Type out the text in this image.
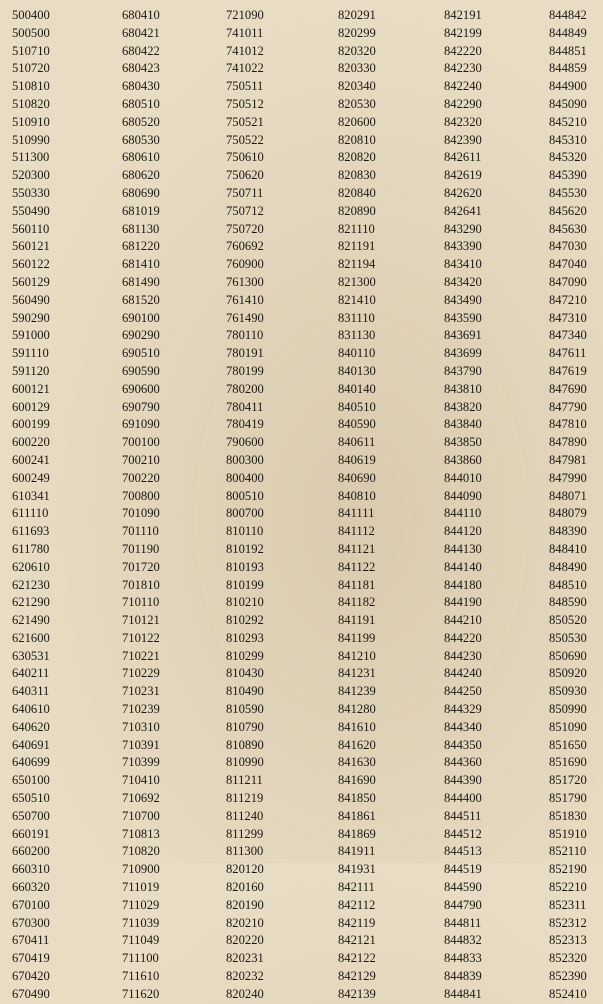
500400
500500
510710
510720
510810
510820
510910
510990
511300
520300
550330
550490
560110
560121
560122
560129
560490
590290
591000
591110
591120
600121
600129
600199
600220
600241
600249
610341
611110
611693
611780
620610
621230
621290
621490
621600
630531
640211
640311
640610
640620
640691
640699
650100
650510
650700
660191
660200
660310
660320
670100
670300
670411
670419
670420
670490
680410
680421
680422
680423
680430
680510
680520
680530
680610
680620
680690
681019
681130
681220
681410
681490
681520
690100
690290
690510
690590
690600
690790
691090
700100
700210
700220
700800
701090
701110
701190
701720
701810
710110
710121
710122
710221
710229
710231
710239
710310
710391
710399
710410
710692
710700
710813
710820
710900
711019
711029
711039
711049
711100
711610
711620
721090
741011
741012
741022
750511
750512
750521
750522
750610
750620
750711
750712
750720
760692
760900
761300
761410
761490
780110
780191
780199
780200
780411
780419
790600
800300
800400
800510
800700
810110
810192
810193
810199
810210
810292
810293
810299
810430
810490
810590
810790
810890
810990
811211
811219
811240
811299
811300
820120
820160
820190
820210
820220
820231
820232
820240
820291
820299
820320
820330
820340
820530
820600
820810
820820
820830
820840
820890
821110
821191
821194
821300
821410
831110
831130
840110
840130
840140
840510
840590
840611
840619
840690
840810
841111
841112
841121
841122
841181
841182
841191
841199
841210
841231
841239
841280
841610
841620
841630
841690
841850
841861
841869
841911
841931
842111
842112
842119
842121
842122
842129
842139
842191
842199
842220
842230
842240
842290
842320
842390
842611
842619
842620
842641
843290
843390
843410
843420
843490
843590
843691
843699
843790
843810
843820
843840
843850
843860
844010
844090
844110
844120
844130
844140
844180
844190
844210
844220
844230
844240
844250
844329
844340
844350
844360
844390
844400
844511
844512
844513
844519
844590
844790
844811
844832
844833
844839
844841
844842
844849
844851
844859
844900
845090
845210
845310
845320
845390
845530
845620
845630
847030
847040
847090
847210
847310
847340
847611
847619
847690
847790
847810
847890
847981
847990
848071
848079
848390
848410
848490
848510
848590
850520
850530
850690
850920
850930
850990
851090
851650
851690
851720
851790
851830
851910
852110
852190
852210
852311
852312
852313
852320
852390
852410
